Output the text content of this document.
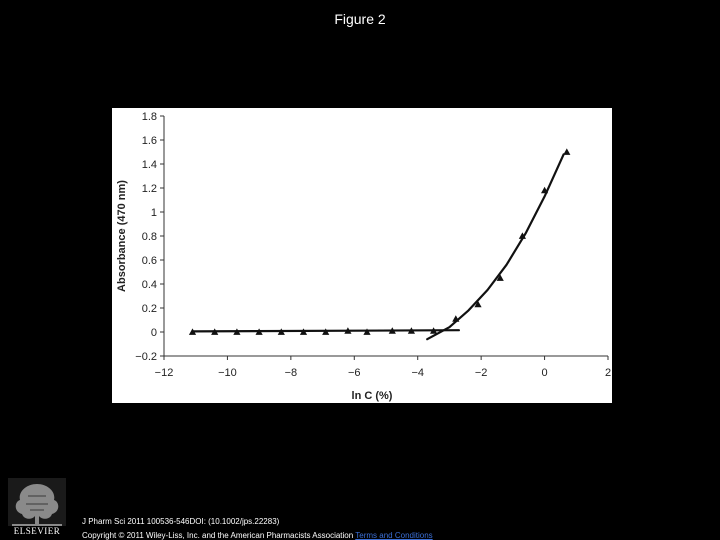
Figure 2
−0.2
0
0.2
0.4
0.6
0.8
1
1.2
1.4
1.6
1.8
−12	−10	−8	−6	−4	−2	0	2
ln C (%)
Absorbance (470 nm)
ELSEVIER
J Pharm Sci 2011 100536-546DOI: (10.1002/jps.22283)
Copyright © 2011 Wiley-Liss, Inc. and the American Pharmacists Association Terms and Conditions
